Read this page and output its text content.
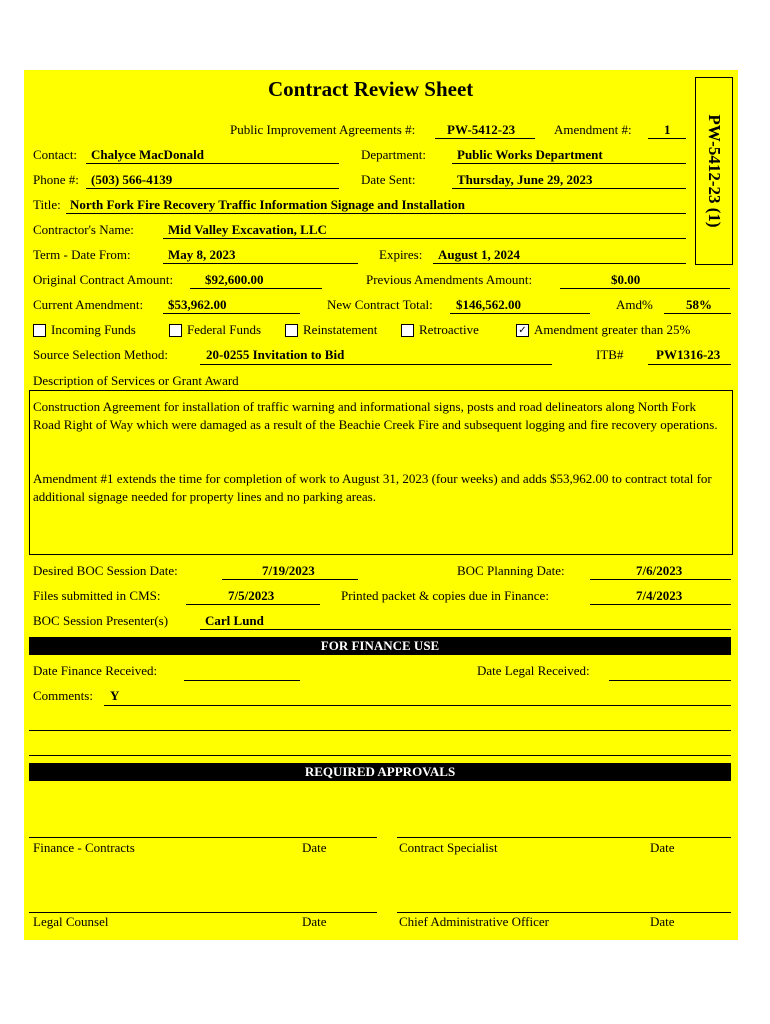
Contract Review Sheet
PW-5412-23 (1)
Public Improvement Agreements #: PW-5412-23	Amendment #: 1
Contact: Chalyce MacDonald	Department: Public Works Department
Phone #: (503) 566-4139	Date Sent:	Thursday, June 29, 2023
Title: North Fork Fire Recovery Traffic Information Signage and Installation
Contractor's Name:	Mid Valley Excavation, LLC
Term - Date From:	May 8, 2023	Expires: August 1, 2024
Original Contract Amount: $92,600.00	Previous Amendments Amount:	$0.00
Current Amendment: $53,962.00	New Contract Total: $146,562.00	Amd%	58%
Incoming Funds	Federal Funds	Reinstatement	Retroactive	✓ Amendment greater than 25%
Source Selection Method:	20-0255 Invitation to Bid	ITB#	PW1316-23
Description of Services or Grant Award
Construction Agreement for installation of traffic warning and informational signs, posts and road delineators along North Fork Road Right of Way which were damaged as a result of the Beachie Creek Fire and subsequent logging and fire recovery operations.
Amendment #1 extends the time for completion of work to August 31, 2023 (four weeks) and adds $53,962.00 to contract total for additional signage needed for property lines and no parking areas.
Desired BOC Session Date:	7/19/2023	BOC Planning Date:	7/6/2023
Files submitted in CMS:	7/5/2023	Printed packet & copies due in Finance:	7/4/2023
BOC Session Presenter(s)	Carl Lund
FOR FINANCE USE
Date Finance Received:	Date Legal Received:
Comments: Y
REQUIRED APPROVALS
Finance - Contracts	Date	Contract Specialist	Date
Legal Counsel	Date	Chief Administrative Officer	Date
